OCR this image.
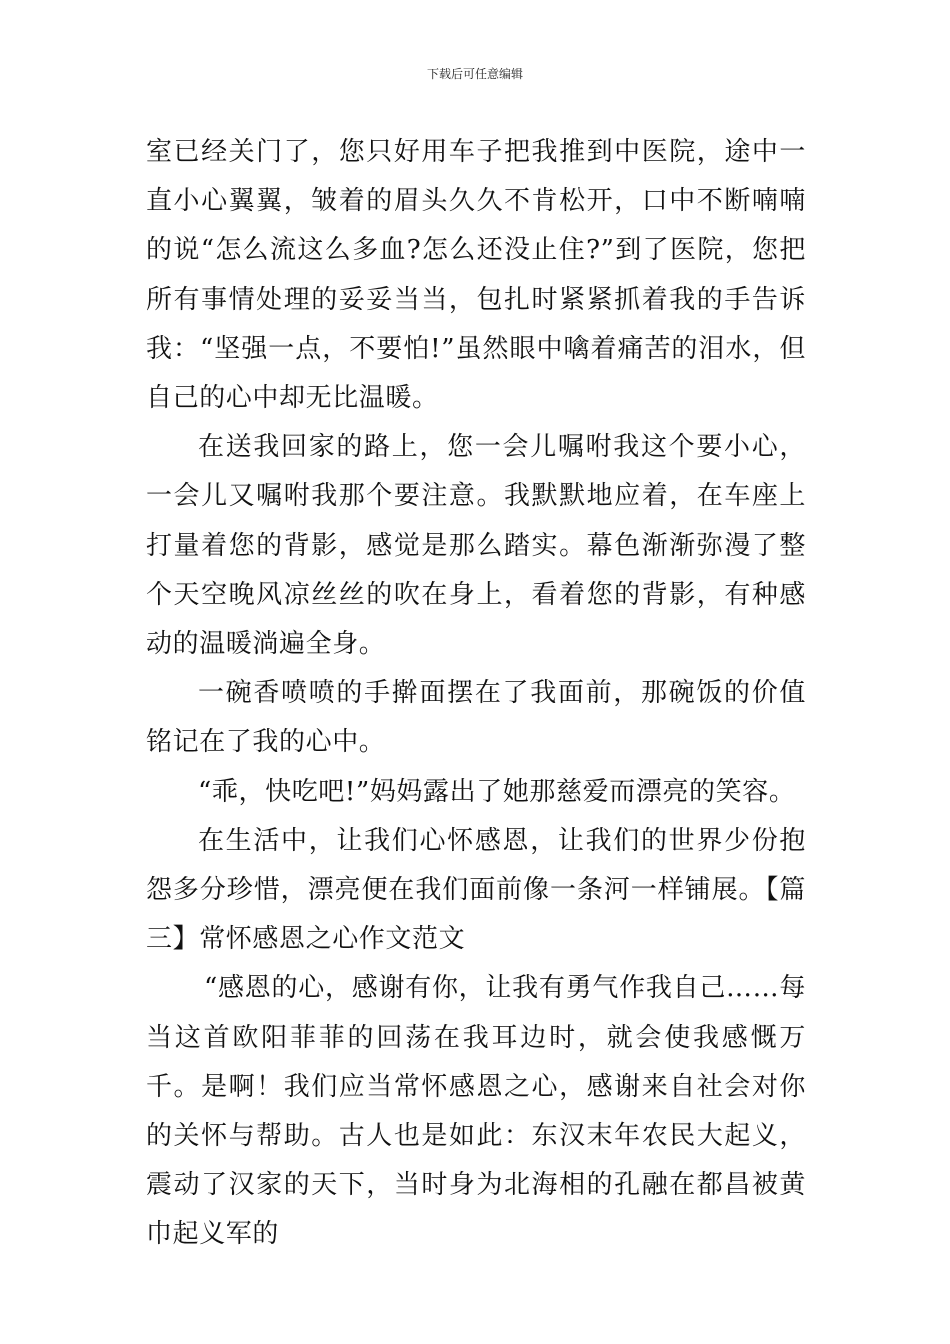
下载后可任意编辑

室已经关门了，您只好用车子把我推到中医院，途中一直小心翼翼，皱着的眉头久久不肯松开，口中不断喃喃的说“怎么流这么多血?怎么还没止住?”到了医院，您把所有事情处理的妥妥当当，包扎时紧紧抓着我的手告诉我：“坚强一点，不要怕!”虽然眼中噙着痛苦的泪水，但自己的心中却无比温暖。

在送我回家的路上，您一会儿嘱咐我这个要小心，一会儿又嘱咐我那个要注意。我默默地应着，在车座上打量着您的背影，感觉是那么踏实。幕色渐渐弥漫了整个天空晚风凉丝丝的吹在身上，看着您的背影，有种感动的温暖淌遍全身。

一碗香喷喷的手擀面摆在了我面前，那碗饭的价值铭记在了我的心中。

“乖，快吃吧!”妈妈露出了她那慈爱而漂亮的笑容。

在生活中，让我们心怀感恩，让我们的世界少份抱怨多分珍惜，漂亮便在我们面前像一条河一样铺展。【篇三】常怀感恩之心作文范文

“感恩的心，感谢有你，让我有勇气作我自己……每当这首欧阳菲菲的回荡在我耳边时，就会使我感慨万千。是啊！我们应当常怀感恩之心，感谢来自社会对你的关怀与帮助。古人也是如此：东汉末年农民大起义，震动了汉家的天下，当时身为北海相的孔融在都昌被黄巾起义军的
